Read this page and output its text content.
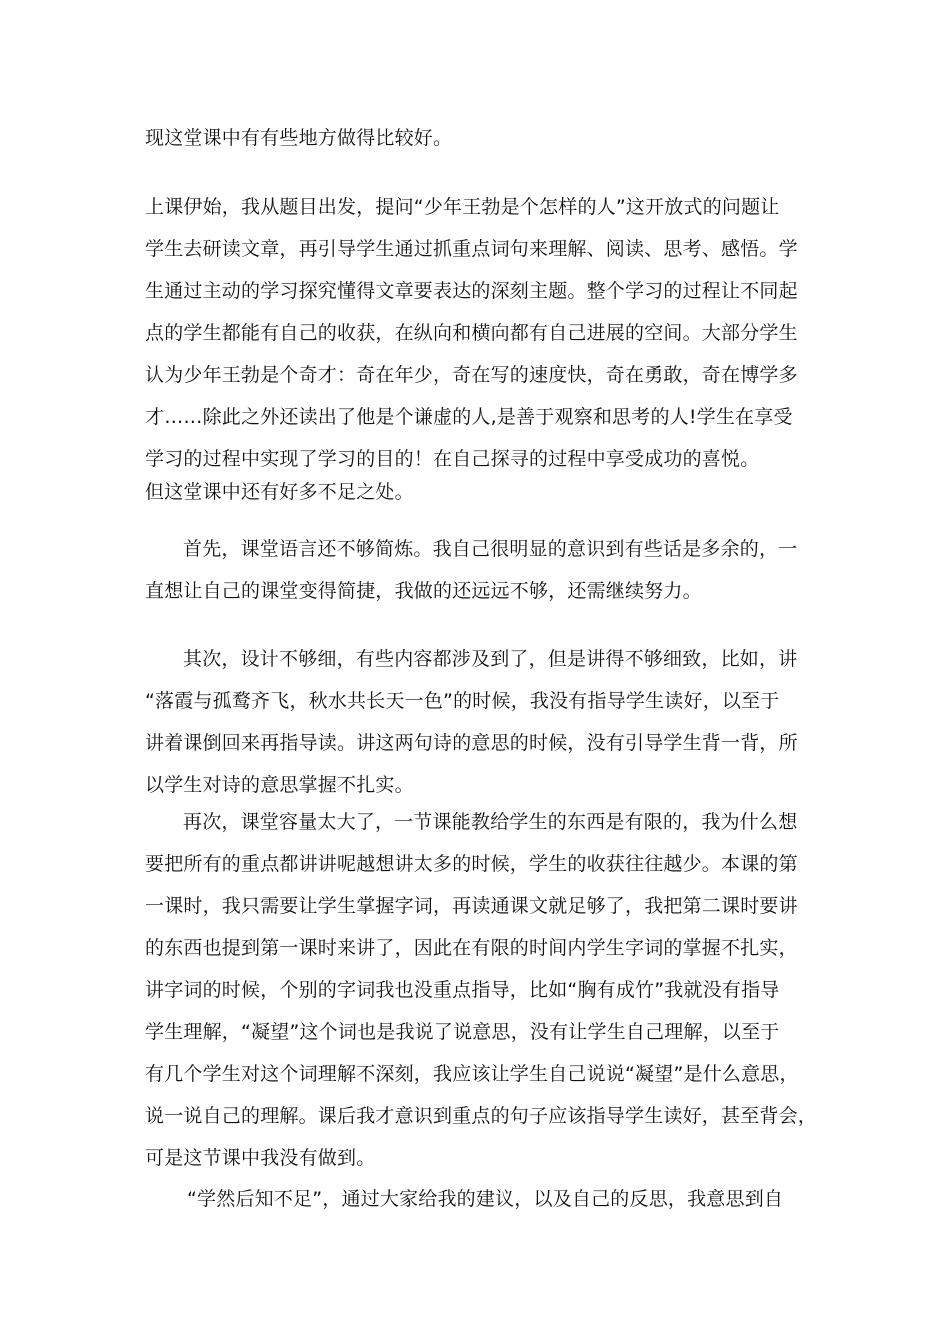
现这堂课中有有些地方做得比较好。
上课伊始，我从题目出发，提问“少年王勃是个怎样的人”这开放式的问题让
学生去研读文章，再引导学生通过抓重点词句来理解、阅读、思考、感悟。学
生通过主动的学习探究懂得文章要表达的深刻主题。整个学习的过程让不同起
点的学生都能有自己的收获，在纵向和横向都有自己进展的空间。大部分学生
认为少年王勃是个奇才：奇在年少，奇在写的速度快，奇在勇敢，奇在博学多
才……除此之外还读出了他是个谦虚的人,是善于观察和思考的人!学生在享受
学习的过程中实现了学习的目的！在自己探寻的过程中享受成功的喜悦。
但这堂课中还有好多不足之处。
首先，课堂语言还不够简炼。我自己很明显的意识到有些话是多余的，一
直想让自己的课堂变得简捷，我做的还远远不够，还需继续努力。
其次，设计不够细，有些内容都涉及到了，但是讲得不够细致，比如，讲
“落霞与孤鹜齐飞，秋水共长天一色”的时候，我没有指导学生读好，以至于
讲着课倒回来再指导读。讲这两句诗的意思的时候，没有引导学生背一背，所
以学生对诗的意思掌握不扎实。
再次，课堂容量太大了，一节课能教给学生的东西是有限的，我为什么想
要把所有的重点都讲讲呢越想讲太多的时候，学生的收获往往越少。本课的第
一课时，我只需要让学生掌握字词，再读通课文就足够了，我把第二课时要讲
的东西也提到第一课时来讲了，因此在有限的时间内学生字词的掌握不扎实，
讲字词的时候，个别的字词我也没重点指导，比如“胸有成竹”我就没有指导
学生理解，“凝望”这个词也是我说了说意思，没有让学生自己理解，以至于
有几个学生对这个词理解不深刻，我应该让学生自己说说“凝望”是什么意思，
说一说自己的理解。课后我才意识到重点的句子应该指导学生读好，甚至背会，
可是这节课中我没有做到。
“学然后知不足”，通过大家给我的建议，以及自己的反思，我意思到自
